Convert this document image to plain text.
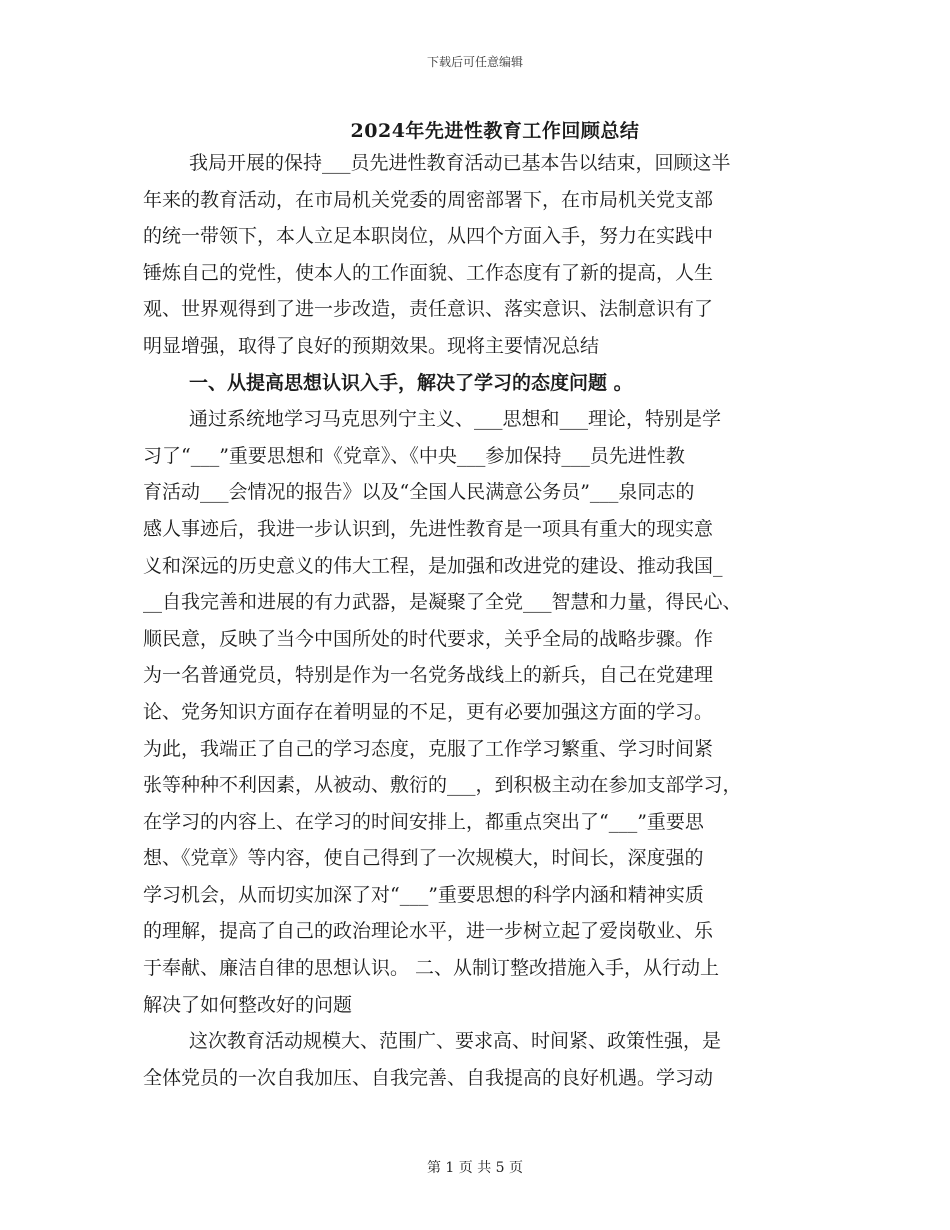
下载后可任意编辑
2024年先进性教育工作回顾总结
我局开展的保持___员先进性教育活动已基本告以结束，回顾这半
年来的教育活动，在市局机关党委的周密部署下，在市局机关党支部
的统一带领下，本人立足本职岗位，从四个方面入手，努力在实践中
锤炼自己的党性，使本人的工作面貌、工作态度有了新的提高，人生
观、世界观得到了进一步改造，责任意识、落实意识、法制意识有了
明显增强，取得了良好的预期效果。现将主要情况总结
一、从提高思想认识入手，解决了学习的态度问题 。
通过系统地学习马克思列宁主义、___思想和___理论，特别是学
习了“___”重要思想和《党章》、《中央___参加保持___员先进性教
育活动___会情况的报告》以及“全国人民满意公务员”___泉同志的
感人事迹后，我进一步认识到，先进性教育是一项具有重大的现实意
义和深远的历史意义的伟大工程，是加强和改进党的建设、推动我国_
__自我完善和进展的有力武器，是凝聚了全党___智慧和力量，得民心、
顺民意，反映了当今中国所处的时代要求，关乎全局的战略步骤。作
为一名普通党员，特别是作为一名党务战线上的新兵，自己在党建理
论、党务知识方面存在着明显的不足，更有必要加强这方面的学习。
为此，我端正了自己的学习态度，克服了工作学习繁重、学习时间紧
张等种种不利因素，从被动、敷衍的___，到积极主动在参加支部学习，
在学习的内容上、在学习的时间安排上，都重点突出了“___”重要思
想、《党章》等内容，使自己得到了一次规模大，时间长，深度强的
学习机会，从而切实加深了对“___”重要思想的科学内涵和精神实质
的理解，提高了自己的政治理论水平，进一步树立起了爱岗敬业、乐
于奉献、廉洁自律的思想认识。 二、从制订整改措施入手，从行动上
解决了如何整改好的问题
这次教育活动规模大、范围广、要求高、时间紧、政策性强，是
全体党员的一次自我加压、自我完善、自我提高的良好机遇。学习动
第 1 页 共 5 页
